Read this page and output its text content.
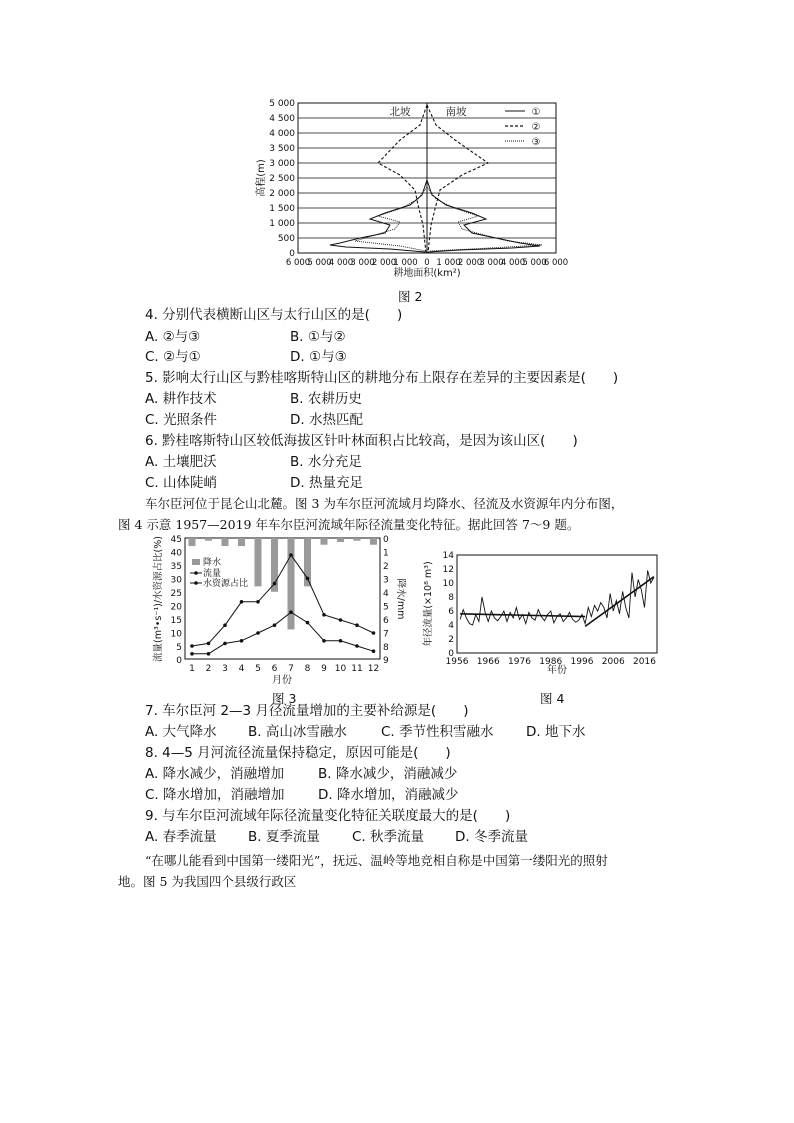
5 000
4 500
4 000
3 500
3 000
2 500
2 000
1 500
1 000
500
0
6 000
5 000
4 000
3 000
2 000
1 000 0 1 000
2 000
3 000
4 000
5 000
6 000
耕地面积(km²)
高程(m)
北坡	南坡	①
②
③
图 2
4. 分别代表横断山区与太行山区的是(　　)
A. ②与③	B. ①与②
C. ②与①	D. ①与③
5. 影响太行山区与黔桂喀斯特山区的耕地分布上限存在差异的主要因素是(　　)
A. 耕作技术	B. 农耕历史
C. 光照条件	D. 水热匹配
6. 黔桂喀斯特山区较低海拔区针叶林面积占比较高，是因为该山区(　　)
A. 土壤肥沃	B. 水分充足
C. 山体陡峭	D. 热量充足
车尔臣河位于昆仑山北麓。图 3 为车尔臣河流域月均降水、径流及水资源年内分布图，
图 4 示意 1957—2019 年车尔臣河流域年际径流量变化特征。据此回答 7～9 题。
45
40
35
30
25
20
15
10
5
0
0
1
2
3
4
5
6
7
8
9
1 2 3 4 5 6 7 8 9 10 11 12
月份
流量(m³•s⁻¹)/水资源占比(%)	降水/mm
降水
流量
水资源占比
图 3
14
12
10
8
6
4
2
0
1956 1966 1976 1986 1996 2006 2016
年份
年径流量(×10⁸ m³)
图 4
7. 车尔臣河 2—3 月径流量增加的主要补给源是(　　)
A. 大气降水 B. 高山冰雪融水	C. 季节性积雪融水 D. 地下水
8. 4—5 月河流径流量保持稳定，原因可能是(　　)
A. 降水减少，消融增加	B. 降水减少，消融减少
C. 降水增加，消融增加 D. 降水增加，消融减少
9. 与车尔臣河流域年际径流量变化特征关联度最大的是(　　)
A. 春季流量 B. 夏季流量 C. 秋季流量 D. 冬季流量
“在哪儿能看到中国第一缕阳光”，抚远、温岭等地竞相自称是中国第一缕阳光的照射
地。图 5 为我国四个县级行政区
